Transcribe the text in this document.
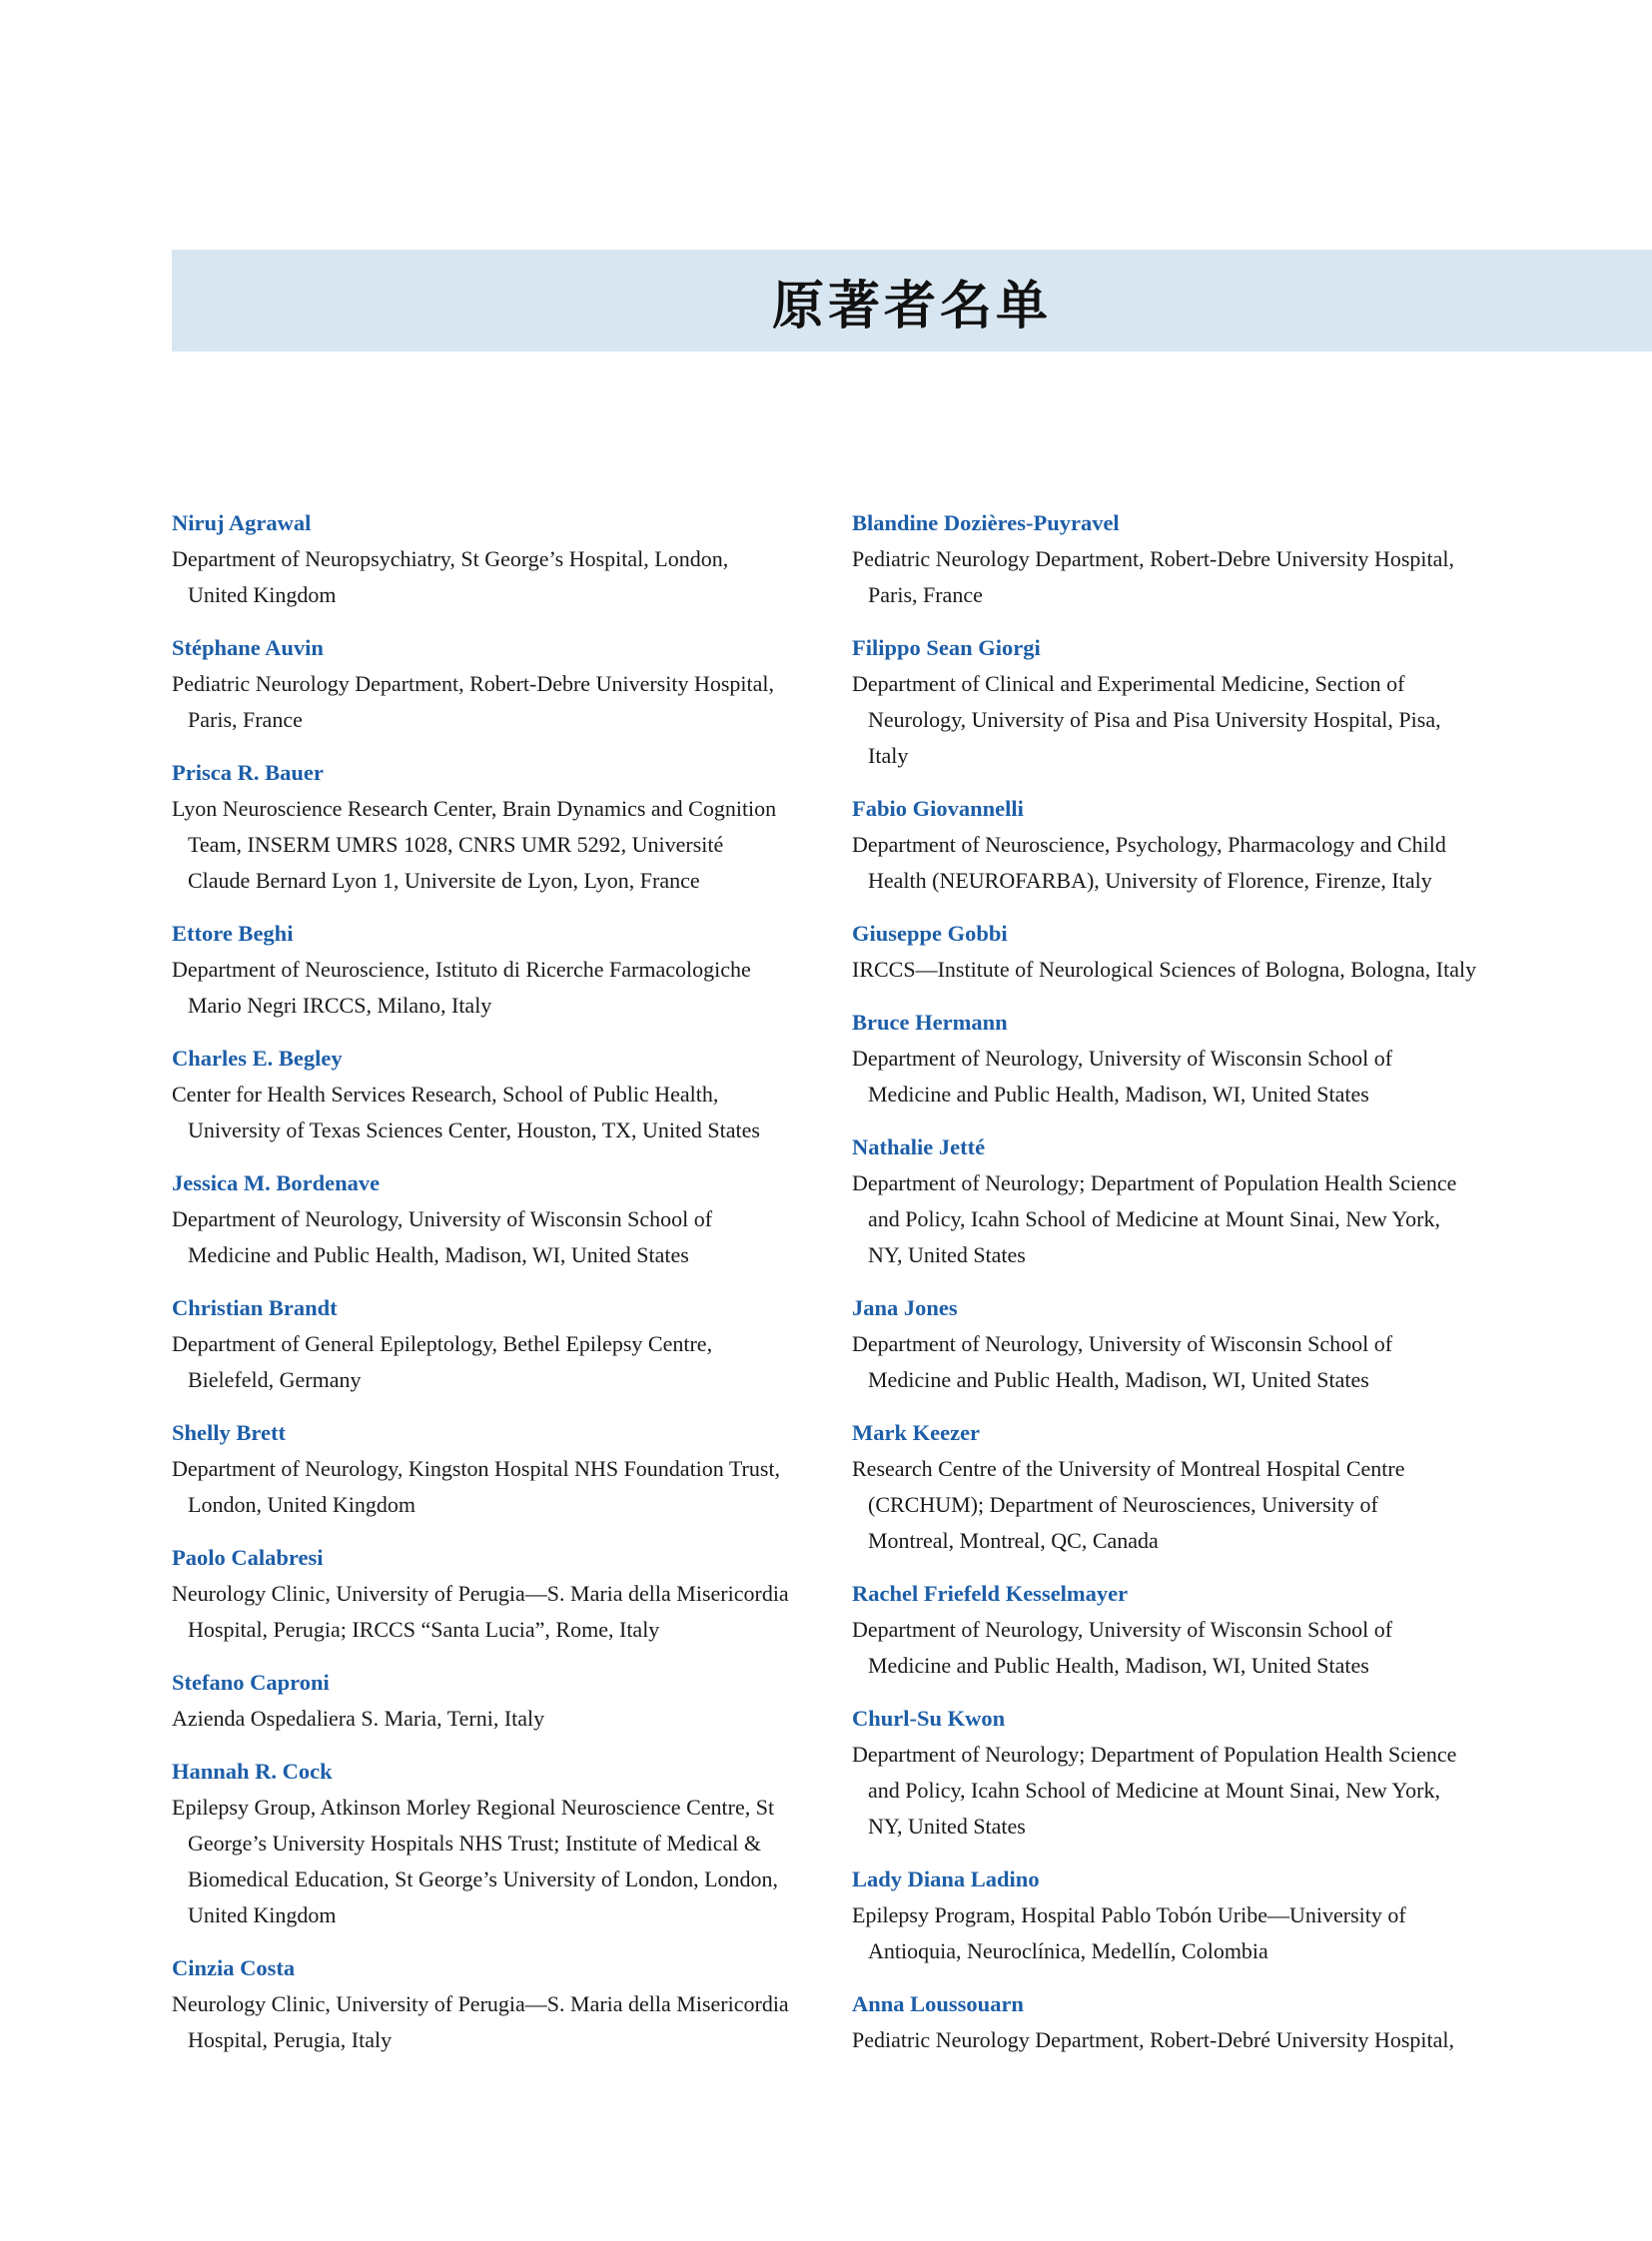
原著者名单
Niruj Agrawal
Department of Neuropsychiatry, St George’s Hospital, London,
United Kingdom
Stéphane Auvin
Pediatric Neurology Department, Robert-Debre University Hospital,
Paris, France
Prisca R. Bauer
Lyon Neuroscience Research Center, Brain Dynamics and Cognition
Team, INSERM UMRS 1028, CNRS UMR 5292, Université
Claude Bernard Lyon 1, Universite de Lyon, Lyon, France
Ettore Beghi
Department of Neuroscience, Istituto di Ricerche Farmacologiche
Mario Negri IRCCS, Milano, Italy
Charles E. Begley
Center for Health Services Research, School of Public Health,
University of Texas Sciences Center, Houston, TX, United States
Jessica M. Bordenave
Department of Neurology, University of Wisconsin School of
Medicine and Public Health, Madison, WI, United States
Christian Brandt
Department of General Epileptology, Bethel Epilepsy Centre,
Bielefeld, Germany
Shelly Brett
Department of Neurology, Kingston Hospital NHS Foundation Trust,
London, United Kingdom
Paolo Calabresi
Neurology Clinic, University of Perugia—S. Maria della Misericordia
Hospital, Perugia; IRCCS “Santa Lucia”, Rome, Italy
Stefano Caproni
Azienda Ospedaliera S. Maria, Terni, Italy
Hannah R. Cock
Epilepsy Group, Atkinson Morley Regional Neuroscience Centre, St
George’s University Hospitals NHS Trust; Institute of Medical &
Biomedical Education, St George’s University of London, London,
United Kingdom
Cinzia Costa
Neurology Clinic, University of Perugia—S. Maria della Misericordia
Hospital, Perugia, Italy
Blandine Dozières-Puyravel
Pediatric Neurology Department, Robert-Debre University Hospital,
Paris, France
Filippo Sean Giorgi
Department of Clinical and Experimental Medicine, Section of
Neurology, University of Pisa and Pisa University Hospital, Pisa,
Italy
Fabio Giovannelli
Department of Neuroscience, Psychology, Pharmacology and Child
Health (NEUROFARBA), University of Florence, Firenze, Italy
Giuseppe Gobbi
IRCCS—Institute of Neurological Sciences of Bologna, Bologna, Italy
Bruce Hermann
Department of Neurology, University of Wisconsin School of
Medicine and Public Health, Madison, WI, United States
Nathalie Jetté
Department of Neurology; Department of Population Health Science
and Policy, Icahn School of Medicine at Mount Sinai, New York,
NY, United States
Jana Jones
Department of Neurology, University of Wisconsin School of
Medicine and Public Health, Madison, WI, United States
Mark Keezer
Research Centre of the University of Montreal Hospital Centre
(CRCHUM); Department of Neurosciences, University of
Montreal, Montreal, QC, Canada
Rachel Friefeld Kesselmayer
Department of Neurology, University of Wisconsin School of
Medicine and Public Health, Madison, WI, United States
Churl-Su Kwon
Department of Neurology; Department of Population Health Science
and Policy, Icahn School of Medicine at Mount Sinai, New York,
NY, United States
Lady Diana Ladino
Epilepsy Program, Hospital Pablo Tobón Uribe—University of
Antioquia, Neuroclínica, Medellín, Colombia
Anna Loussouarn
Pediatric Neurology Department, Robert-Debré University Hospital,
